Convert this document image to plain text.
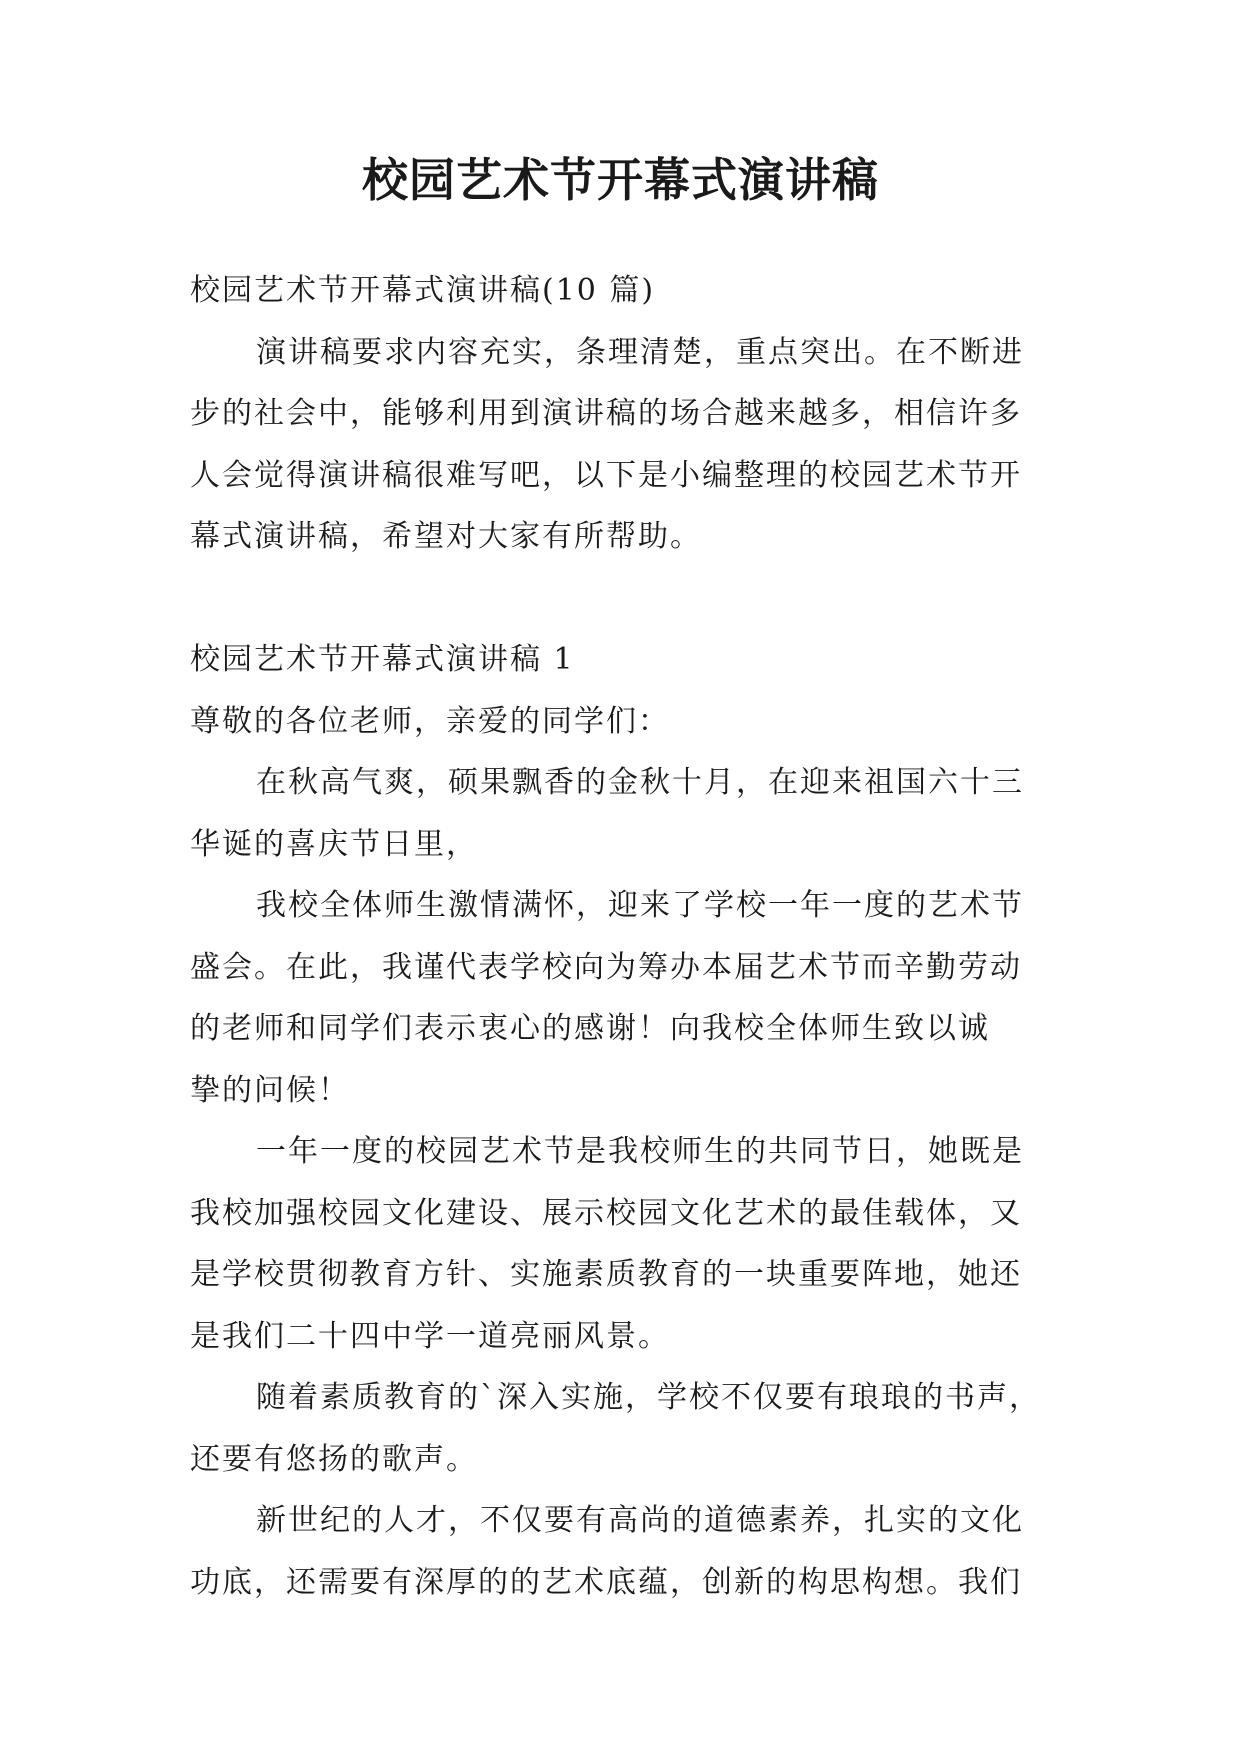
校园艺术节开幕式演讲稿
校园艺术节开幕式演讲稿(10 篇)
演讲稿要求内容充实，条理清楚，重点突出。在不断进
步的社会中，能够利用到演讲稿的场合越来越多，相信许多
人会觉得演讲稿很难写吧，以下是小编整理的校园艺术节开
幕式演讲稿，希望对大家有所帮助。
校园艺术节开幕式演讲稿 1
尊敬的各位老师，亲爱的同学们：
在秋高气爽，硕果飘香的金秋十月，在迎来祖国六十三
华诞的喜庆节日里，
我校全体师生激情满怀，迎来了学校一年一度的艺术节
盛会。在此，我谨代表学校向为筹办本届艺术节而辛勤劳动
的老师和同学们表示衷心的感谢！向我校全体师生致以诚
挚的问候！
一年一度的校园艺术节是我校师生的共同节日，她既是
我校加强校园文化建设、展示校园文化艺术的最佳载体，又
是学校贯彻教育方针、实施素质教育的一块重要阵地，她还
是我们二十四中学一道亮丽风景。
随着素质教育的`深入实施，学校不仅要有琅琅的书声，
还要有悠扬的歌声。
新世纪的人才，不仅要有高尚的道德素养，扎实的文化
功底，还需要有深厚的的艺术底蕴，创新的构思构想。我们
